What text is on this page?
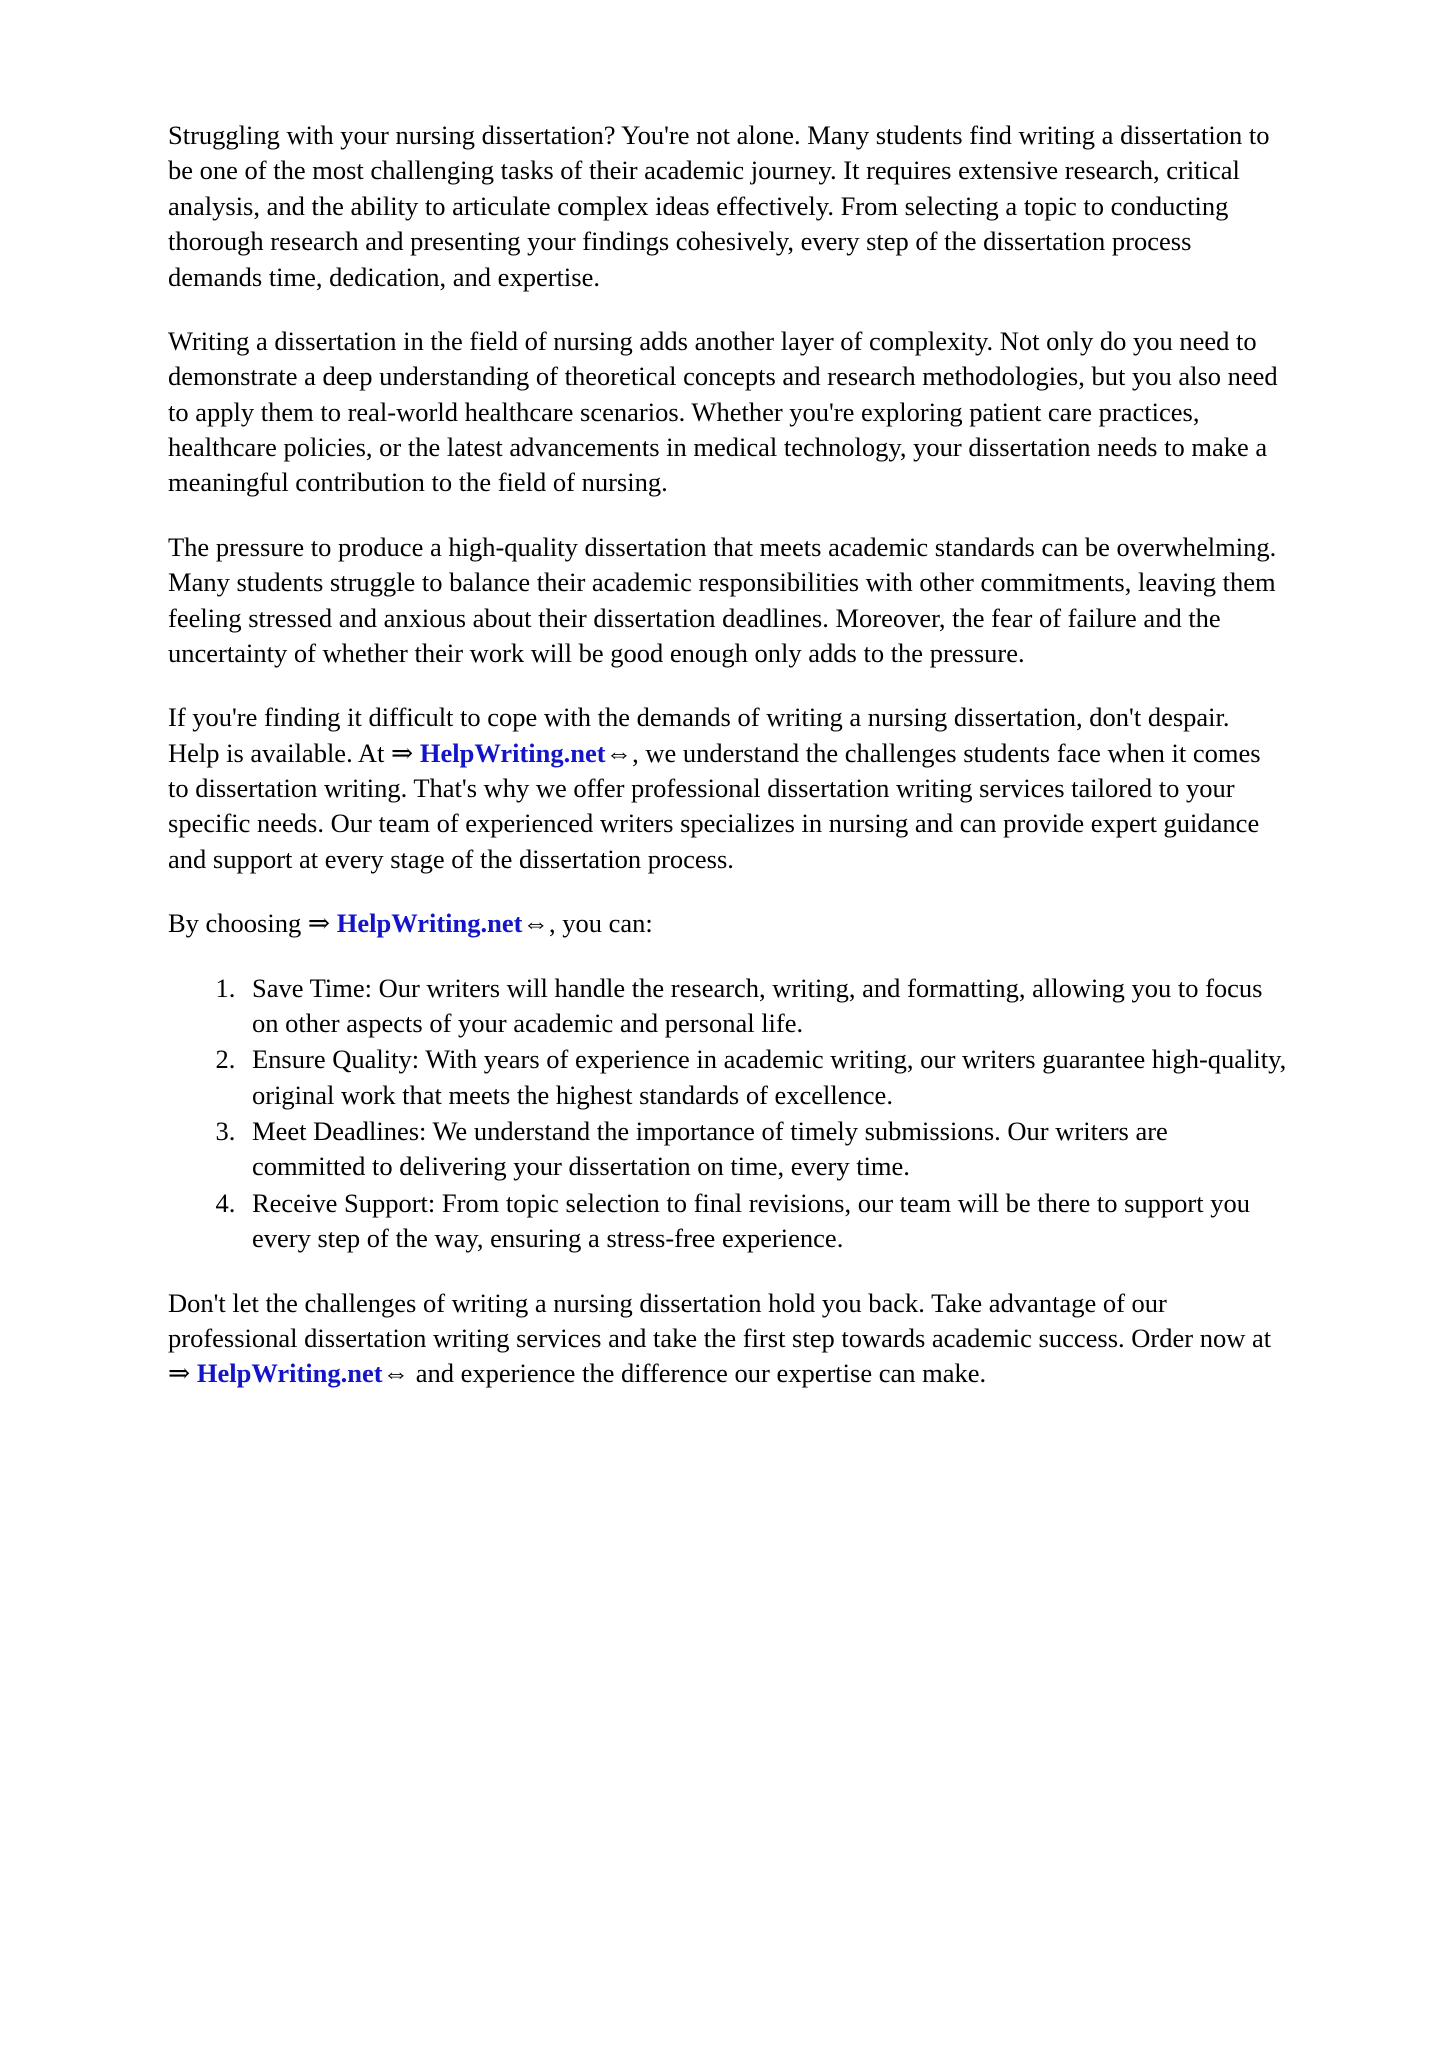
Struggling with your nursing dissertation? You're not alone. Many students find writing a dissertation to be one of the most challenging tasks of their academic journey. It requires extensive research, critical analysis, and the ability to articulate complex ideas effectively. From selecting a topic to conducting thorough research and presenting your findings cohesively, every step of the dissertation process demands time, dedication, and expertise.

Writing a dissertation in the field of nursing adds another layer of complexity. Not only do you need to demonstrate a deep understanding of theoretical concepts and research methodologies, but you also need to apply them to real-world healthcare scenarios. Whether you're exploring patient care practices, healthcare policies, or the latest advancements in medical technology, your dissertation needs to make a meaningful contribution to the field of nursing.

The pressure to produce a high-quality dissertation that meets academic standards can be overwhelming. Many students struggle to balance their academic responsibilities with other commitments, leaving them feeling stressed and anxious about their dissertation deadlines. Moreover, the fear of failure and the uncertainty of whether their work will be good enough only adds to the pressure.

If you're finding it difficult to cope with the demands of writing a nursing dissertation, don't despair. Help is available. At ⇒ HelpWriting.net⇔, we understand the challenges students face when it comes to dissertation writing. That's why we offer professional dissertation writing services tailored to your specific needs. Our team of experienced writers specializes in nursing and can provide expert guidance and support at every stage of the dissertation process.

By choosing ⇒ HelpWriting.net⇔, you can:

1. Save Time: Our writers will handle the research, writing, and formatting, allowing you to focus on other aspects of your academic and personal life.
2. Ensure Quality: With years of experience in academic writing, our writers guarantee high-quality, original work that meets the highest standards of excellence.
3. Meet Deadlines: We understand the importance of timely submissions. Our writers are committed to delivering your dissertation on time, every time.
4. Receive Support: From topic selection to final revisions, our team will be there to support you every step of the way, ensuring a stress-free experience.

Don't let the challenges of writing a nursing dissertation hold you back. Take advantage of our professional dissertation writing services and take the first step towards academic success. Order now at ⇒ HelpWriting.net⇔ and experience the difference our expertise can make.
